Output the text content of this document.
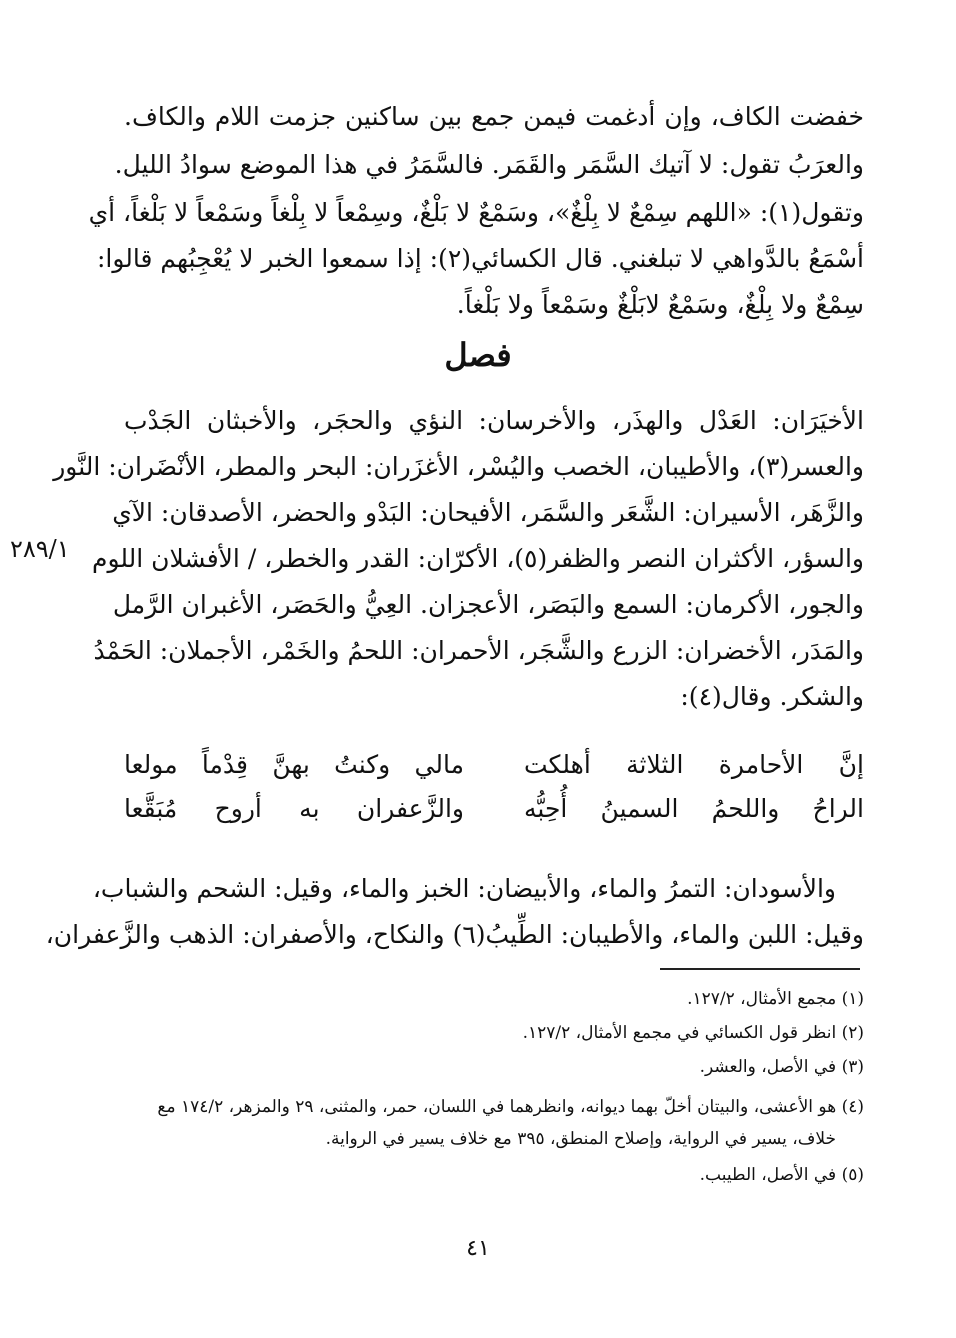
خفضت الكاف، وإن أدغمت فيمن جمع بين ساكنين جزمت اللام والكاف.
والعرَبُ تقول: لا آتيك السَّمَر والقَمَر. فالسَّمَرُ في هذا الموضع سوادُ الليل.
وتقول(١): «اللهم سِمْعٌ لا بِلْغٌ»، وسَمْعٌ لا بَلْغٌ، وسِمْعاً لا بِلْغاً وسَمْعاً لا بَلْغاً، أي
أسْمَعُ بالدَّواهي لا تبلغني. قال الكسائي(٢): إذا سمعوا الخبر لا يُعْجِبُهم قالوا:
سِمْعٌ ولا بِلْغٌ، وسَمْعٌ لابَلْغٌ وسَمْعاً ولا بَلْغاً.
فصل
الأخيَرَان: العَدْل والهذَر، والأخرسان: النؤي والحجَر، والأخبثان الجَدْب
والعسر(٣)، والأطيبان، الخصب واليُسْر، الأغزَران: البحر والمطر، الأنْضَران: النَّور
والزَّهَر، الأسيران: الشَّعَر والسَّمَر، الأفيحان: البَدْو والحضر، الأصدقان: الآي
والسؤر، الأكثران النصر والظفر(٥)، الأكرّان: القدر والخطر، / الأفشلان اللوم
والجور، الأكرمان: السمع والبَصَر، الأعجزان. العِيُّ والحَصَر، الأغبران الرَّمل
والمَدَر، الأخضران: الزرع والشَّجَر، الأحمران: اللحمُ والخَمْر، الأجملان: الحَمْدُ
والشكر. وقال(٤):
٢٨٩/١
إنَّ الأحامرة الثلاثة أهلكت
مالي وكنتُ بهنَّ قِدْماً مولعا
الراحُ واللحمُ السمينُ أُحِبُّه
والزَّعفران به أروح مُبَقَّعا
والأسودان: التمرُ والماء، والأبيضان: الخبز والماء، وقيل: الشحم والشباب،
وقيل: اللبن والماء، والأطيبان: الطِّيبُ(٦) والنكاح، والأصفران: الذهب والزَّعفران،
(١) مجمع الأمثال، ١٢٧/٢.
(٢) انظر قول الكسائي في مجمع الأمثال، ١٢٧/٢.
(٣) في الأصل، والعشر.
(٤) هو الأعشى، والبيتان أخلّ بهما ديوانه، وانظرهما في اللسان، حمر، والمثنى، ٢٩ والمزهر، ١٧٤/٢ مع
خلاف، يسير في الرواية، وإصلاح المنطق، ٣٩٥ مع خلاف يسير في الرواية.
(٥) في الأصل، الطيبب.
٤١
